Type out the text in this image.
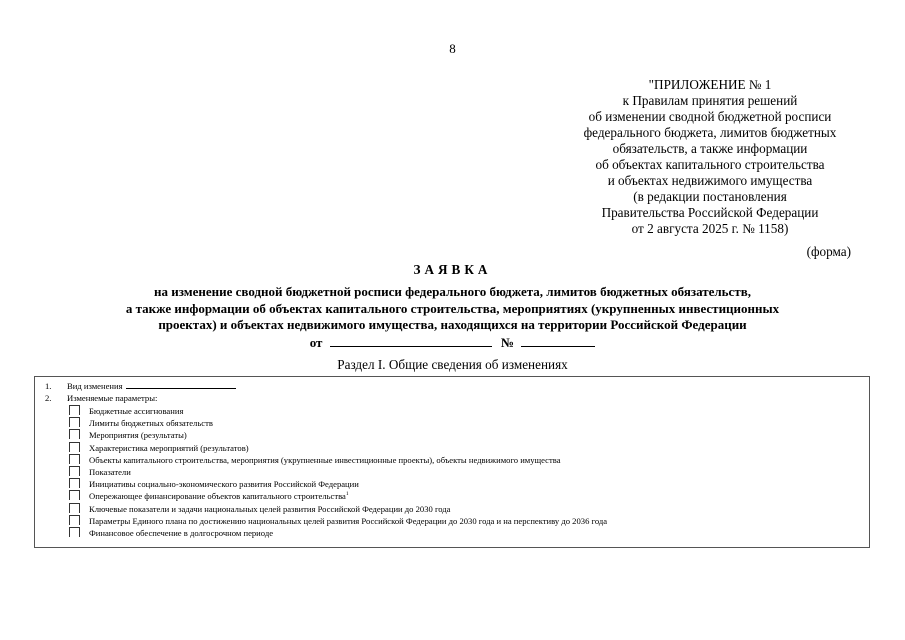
8
"ПРИЛОЖЕНИЕ № 1
к Правилам принятия решений
об изменении сводной бюджетной росписи
федерального бюджета, лимитов бюджетных
обязательств, а также информации
об объектах капитального строительства
и объектах недвижимого имущества
(в редакции постановления
Правительства Российской Федерации
от 2 августа 2025 г. № 1158)
(форма)
ЗАЯВКА
на изменение сводной бюджетной росписи федерального бюджета, лимитов бюджетных обязательств,
а также информации об объектах капитального строительства, мероприятиях (укрупненных инвестиционных
проектах) и объектах недвижимого имущества, находящихся на территории Российской Федерации
от	№
Раздел I. Общие сведения об изменениях
1.	Вид изменения
2.	Изменяемые параметры:
Бюджетные ассигнования
Лимиты бюджетных обязательств
Мероприятия (результаты)
Характеристика мероприятий (результатов)
Объекты капитального строительства, мероприятия (укрупненные инвестиционные проекты), объекты недвижимого имущества
Показатели
Инициативы социально-экономического развития Российской Федерации
Опережающее финансирование объектов капитального строительства$^1$
Ключевые показатели и задачи национальных целей развития Российской Федерации до 2030 года
Параметры Единого плана по достижению национальных целей развития Российской Федерации до 2030 года и на перспективу до 2036 года
Финансовое обеспечение в долгосрочном периоде
